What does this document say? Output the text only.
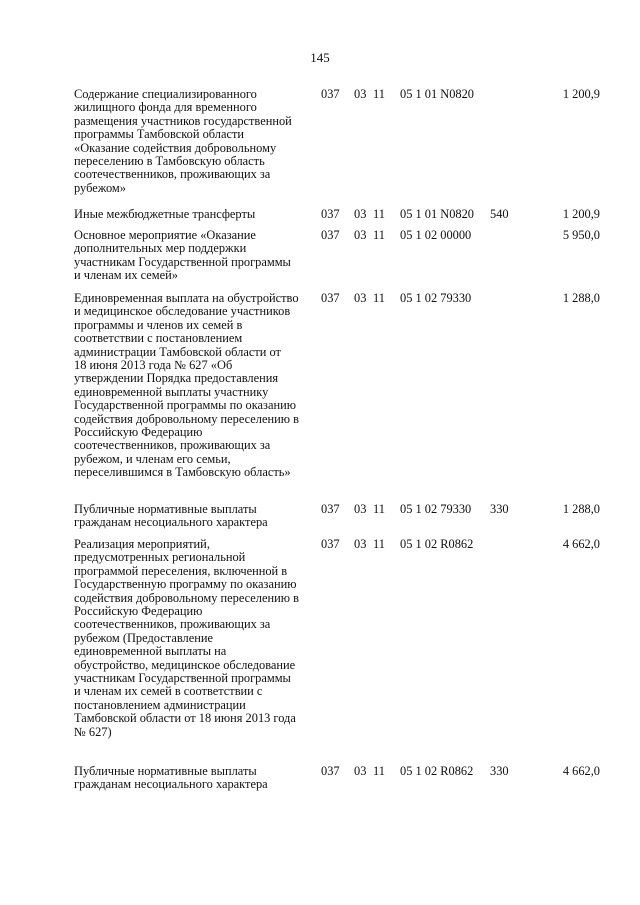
145
Содержание специализированного
жилищного фонда для временного
размещения участников государственной
программы Тамбовской области
«Оказание содействия добровольному
переселению в Тамбовскую область
соотечественников, проживающих за
рубежом»
037 03 11 05 1 01 N0820	1 200,9
Иные межбюджетные трансферты	037 03 11 05 1 01 N0820 540	1 200,9
Основное мероприятие «Оказание
дополнительных мер поддержки
участникам Государственной программы
и членам их семей»
037 03 11 05 1 02 00000	5 950,0
Единовременная выплата на обустройство
и медицинское обследование участников
программы и членов их семей в
соответствии с постановлением
администрации Тамбовской области от
18 июня 2013 года № 627 «Об
утверждении Порядка предоставления
единовременной выплаты участнику
Государственной программы по оказанию
содействия добровольному переселению в
Российскую Федерацию
соотечественников, проживающих за
рубежом, и членам его семьи,
переселившимся в Тамбовскую область»
037 03 11 05 1 02 79330	1 288,0
Публичные нормативные выплаты
гражданам несоциального характера
037 03 11 05 1 02 79330 330	1 288,0
Реализация мероприятий,
предусмотренных региональной
программой переселения, включенной в
Государственную программу по оказанию
содействия добровольному переселению в
Российскую Федерацию
соотечественников, проживающих за
рубежом (Предоставление
единовременной выплаты на
обустройство, медицинское обследование
участникам Государственной программы
и членам их семей в соответствии с
постановлением администрации
Тамбовской области от 18 июня 2013 года
№ 627)
037 03 11 05 1 02 R0862	4 662,0
Публичные нормативные выплаты
гражданам несоциального характера
037 03 11 05 1 02 R0862 330	4 662,0
